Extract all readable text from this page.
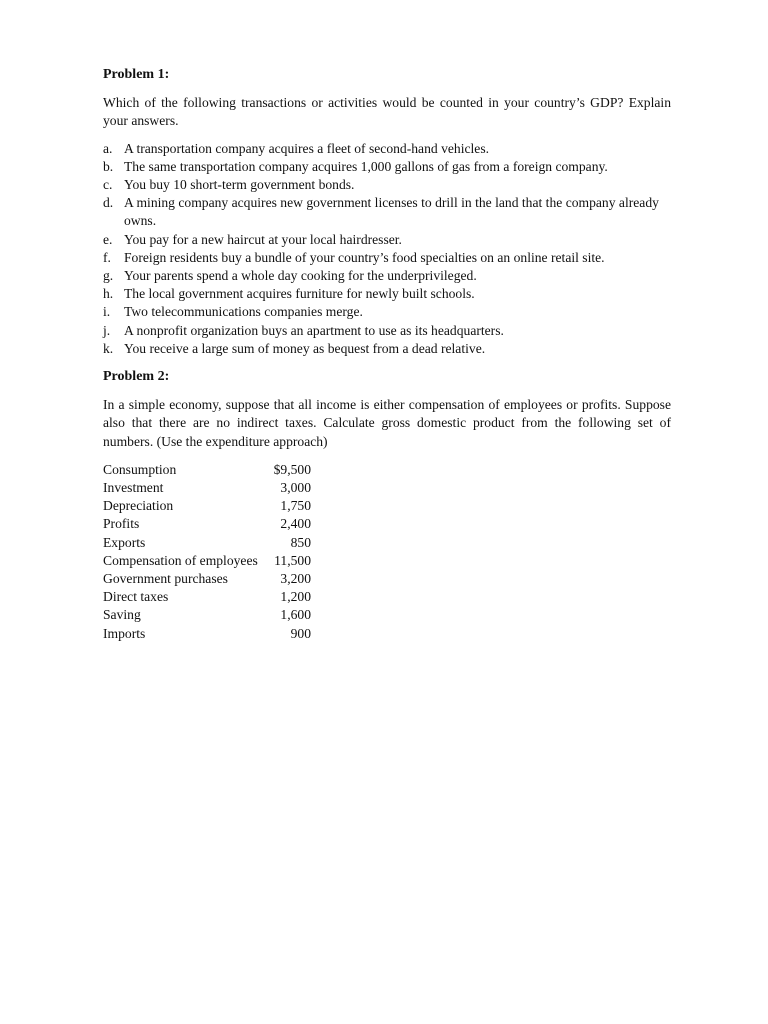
Problem 1:

Which of the following transactions or activities would be counted in your country’s GDP? Explain your answers.

a. A transportation company acquires a fleet of second-hand vehicles.
b. The same transportation company acquires 1,000 gallons of gas from a foreign company.
c. You buy 10 short-term government bonds.
d. A mining company acquires new government licenses to drill in the land that the company already owns.
e. You pay for a new haircut at your local hairdresser.
f. Foreign residents buy a bundle of your country’s food specialties on an online retail site.
g. Your parents spend a whole day cooking for the underprivileged.
h. The local government acquires furniture for newly built schools.
i.	Two telecommunications companies merge.
j.	A nonprofit organization buys an apartment to use as its headquarters.
k. You receive a large sum of money as bequest from a dead relative.
Problem 2:

In a simple economy, suppose that all income is either compensation of employees or profits. Suppose also that there are no indirect taxes. Calculate gross domestic product from the following set of numbers. (Use the expenditure approach)

Consumption	$9,500
Investment	3,000
Depreciation	1,750
Profits	2,400
Exports	850
Compensation of employees	11,500
Government purchases	3,200
Direct taxes	1,200
Saving	1,600
Imports	900
